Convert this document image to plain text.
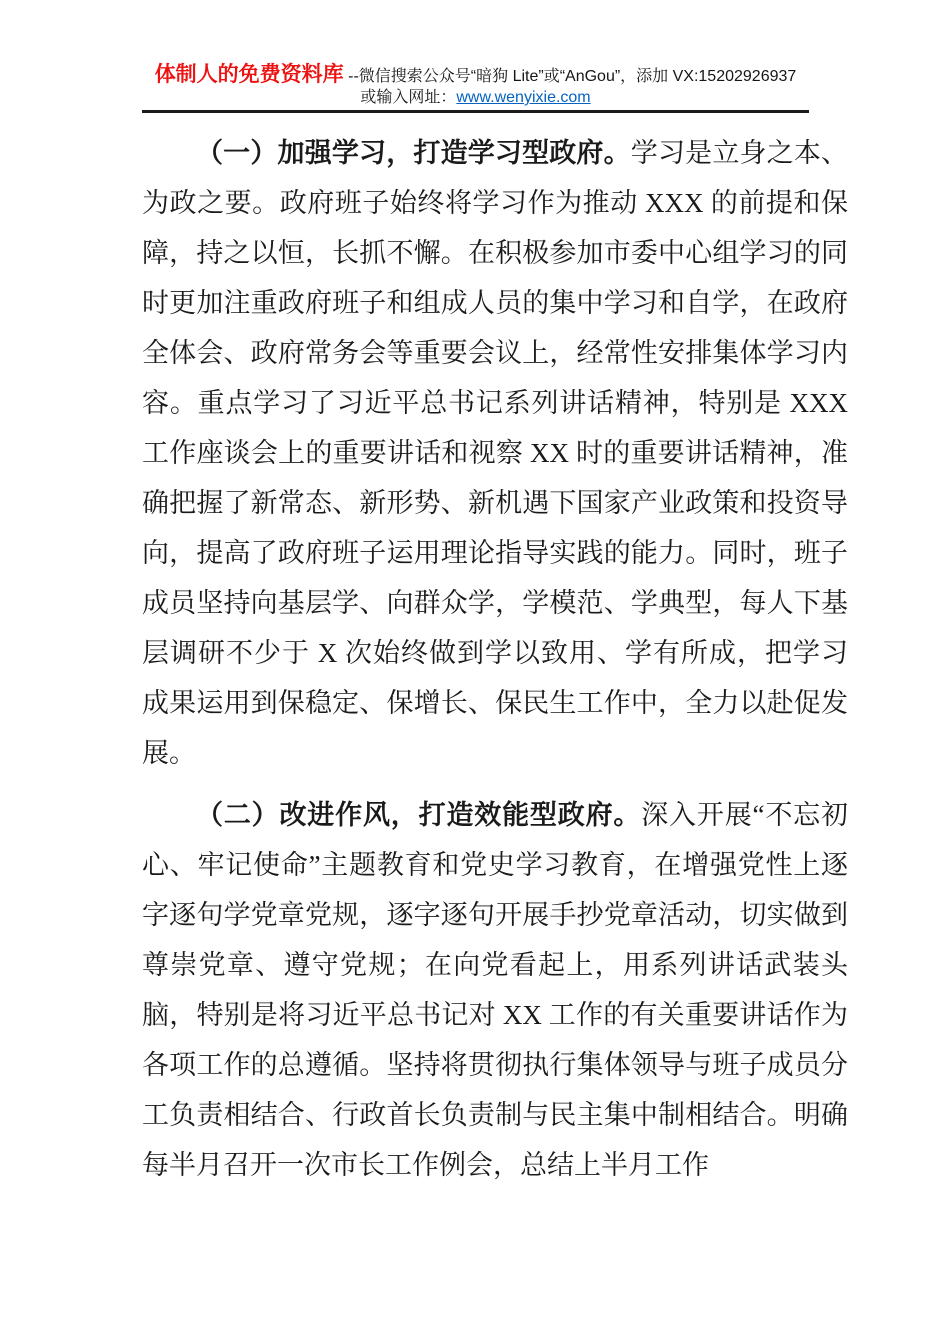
体制人的免费资料库 --微信搜索公众号“暗狗 Lite”或“AnGou”，添加 VX:15202926937
或输入网址：www.wenyixie.com

（一）加强学习，打造学习型政府。学习是立身之本、为政之要。政府班子始终将学习作为推动 XXX 的前提和保障，持之以恒，长抓不懈。在积极参加市委中心组学习的同时更加注重政府班子和组成人员的集中学习和自学，在政府全体会、政府常务会等重要会议上，经常性安排集体学习内容。重点学习了习近平总书记系列讲话精神，特别是 XXX 工作座谈会上的重要讲话和视察 XX 时的重要讲话精神，准确把握了新常态、新形势、新机遇下国家产业政策和投资导向，提高了政府班子运用理论指导实践的能力。同时，班子成员坚持向基层学、向群众学，学模范、学典型，每人下基层调研不少于 X 次始终做到学以致用、学有所成，把学习成果运用到保稳定、保增长、保民生工作中，全力以赴促发展。

（二）改进作风，打造效能型政府。深入开展“不忘初心、牢记使命”主题教育和党史学习教育，在增强党性上逐字逐句学党章党规，逐字逐句开展手抄党章活动，切实做到尊崇党章、遵守党规；在向党看起上，用系列讲话武装头脑，特别是将习近平总书记对 XX 工作的有关重要讲话作为各项工作的总遵循。坚持将贯彻执行集体领导与班子成员分工负责相结合、行政首长负责制与民主集中制相结合。明确每半月召开一次市长工作例会，总结上半月工作
